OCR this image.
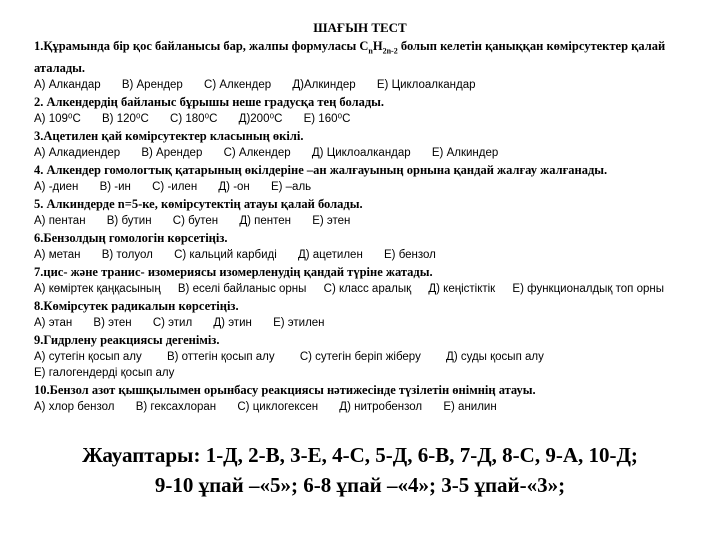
ШАҒЫН ТЕСТ
1.Құрамында бір қос байланысы бар, жалпы формуласы $С_nН_{2n-2}$ болып келетін қаныққан көмірсутектер қалай аталады.
А) Алкандар В) Арендер С) Алкендер Д)Алкиндер Е) Циклоалкандар
2. Алкендердің байланыс бұрышы неше градусқа тең болады.
А) 109⁰С В) 120⁰С С) 180⁰С Д)200⁰С Е) 160⁰С
3.Ацетилен қай көмірсутектер класының өкілі.
А) Алкадиендер В) Арендер С) Алкендер Д) Циклоалкандар Е) Алкиндер
4. Алкендер гомологтық қатарының өкілдеріне –ан жалғауының орнына қандай жалғау жалғанады.
А) -диен В) -ин С) -илен Д) -он Е) –аль
5. Алкиндерде n=5-ке, көмірсутектің атауы қалай болады.
А) пентан В) бутин С) бутен Д) пентен Е) этен
6.Бензолдың гомологін көрсетіңіз.
А) метан В) толуол С) кальций карбиді Д) ацетилен Е) бензол
7.цис- және транис- изомериясы изомерленудің қандай түріне жатады.
А) көміртек қаңқасының В) еселі байланыс орны С) класс аралық Д) кеңістіктік Е) функционалдық топ орны
8.Көмірсутек радикалын көрсетіңіз.
А) этан В) этен С) этил Д) этин Е) этилен
9.Гидрлену реакциясы дегеніміз.
А) сутегін қосып алу В) оттегін қосып алу С) сутегін беріп жіберу Д) суды қосып алу Е) галогендерді қосып алу
10.Бензол азот қышқылымен орынбасу реакциясы нәтижесінде түзілетін өнімнің атауы.
А) хлор бензол В) гексахлоран С) циклогексен Д) нитробензол Е) анилин
Жауаптары: 1-Д, 2-В, 3-Е, 4-С, 5-Д, 6-В, 7-Д, 8-С, 9-А, 10-Д;
9-10 ұпай –«5»; 6-8 ұпай –«4»; 3-5 ұпай-«3»;
